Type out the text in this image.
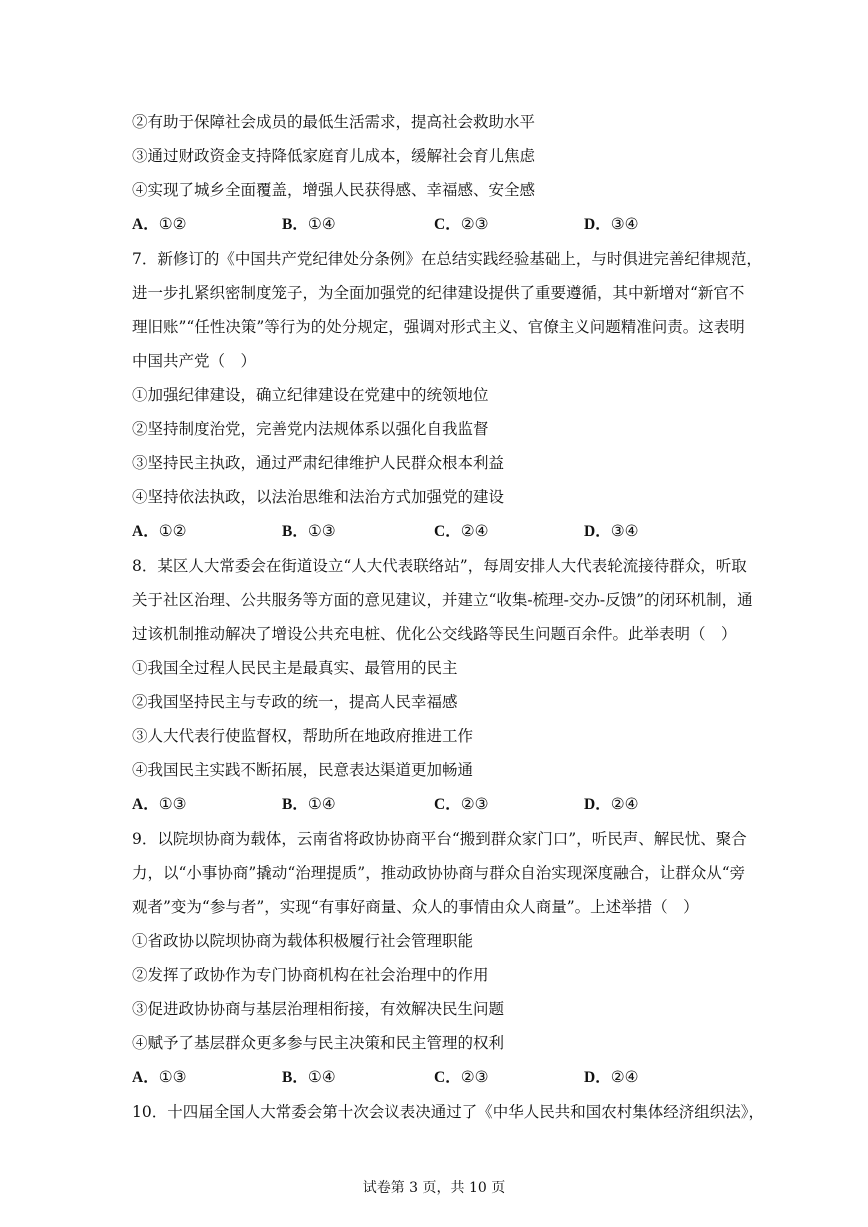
②有助于保障社会成员的最低生活需求，提高社会救助水平
③通过财政资金支持降低家庭育儿成本，缓解社会育儿焦虑
④实现了城乡全面覆盖，增强人民获得感、幸福感、安全感
A．①②	B．①④	C．②③	D．③④
7．新修订的《中国共产党纪律处分条例》在总结实践经验基础上，与时俱进完善纪律规范，
进一步扎紧织密制度笼子，为全面加强党的纪律建设提供了重要遵循，其中新增对“新官不
理旧账”“任性决策”等行为的处分规定，强调对形式主义、官僚主义问题精准问责。这表明
中国共产党（　）
①加强纪律建设，确立纪律建设在党建中的统领地位
②坚持制度治党，完善党内法规体系以强化自我监督
③坚持民主执政，通过严肃纪律维护人民群众根本利益
④坚持依法执政，以法治思维和法治方式加强党的建设
A．①②	B．①③	C．②④	D．③④
8．某区人大常委会在街道设立“人大代表联络站”，每周安排人大代表轮流接待群众，听取
关于社区治理、公共服务等方面的意见建议，并建立“收集-梳理-交办-反馈”的闭环机制，通
过该机制推动解决了增设公共充电桩、优化公交线路等民生问题百余件。此举表明（　）
①我国全过程人民民主是最真实、最管用的民主
②我国坚持民主与专政的统一，提高人民幸福感
③人大代表行使监督权，帮助所在地政府推进工作
④我国民主实践不断拓展，民意表达渠道更加畅通
A．①③	B．①④	C．②③	D．②④
9．以院坝协商为载体，云南省将政协协商平台“搬到群众家门口”，听民声、解民忧、聚合
力，以“小事协商”撬动“治理提质”，推动政协协商与群众自治实现深度融合，让群众从“旁
观者”变为“参与者”，实现“有事好商量、众人的事情由众人商量”。上述举措（　）
①省政协以院坝协商为载体积极履行社会管理职能
②发挥了政协作为专门协商机构在社会治理中的作用
③促进政协协商与基层治理相衔接，有效解决民生问题
④赋予了基层群众更多参与民主决策和民主管理的权利
A．①③	B．①④	C．②③	D．②④
10．十四届全国人大常委会第十次会议表决通过了《中华人民共和国农村集体经济组织法》，
试卷第 3 页，共 10 页
